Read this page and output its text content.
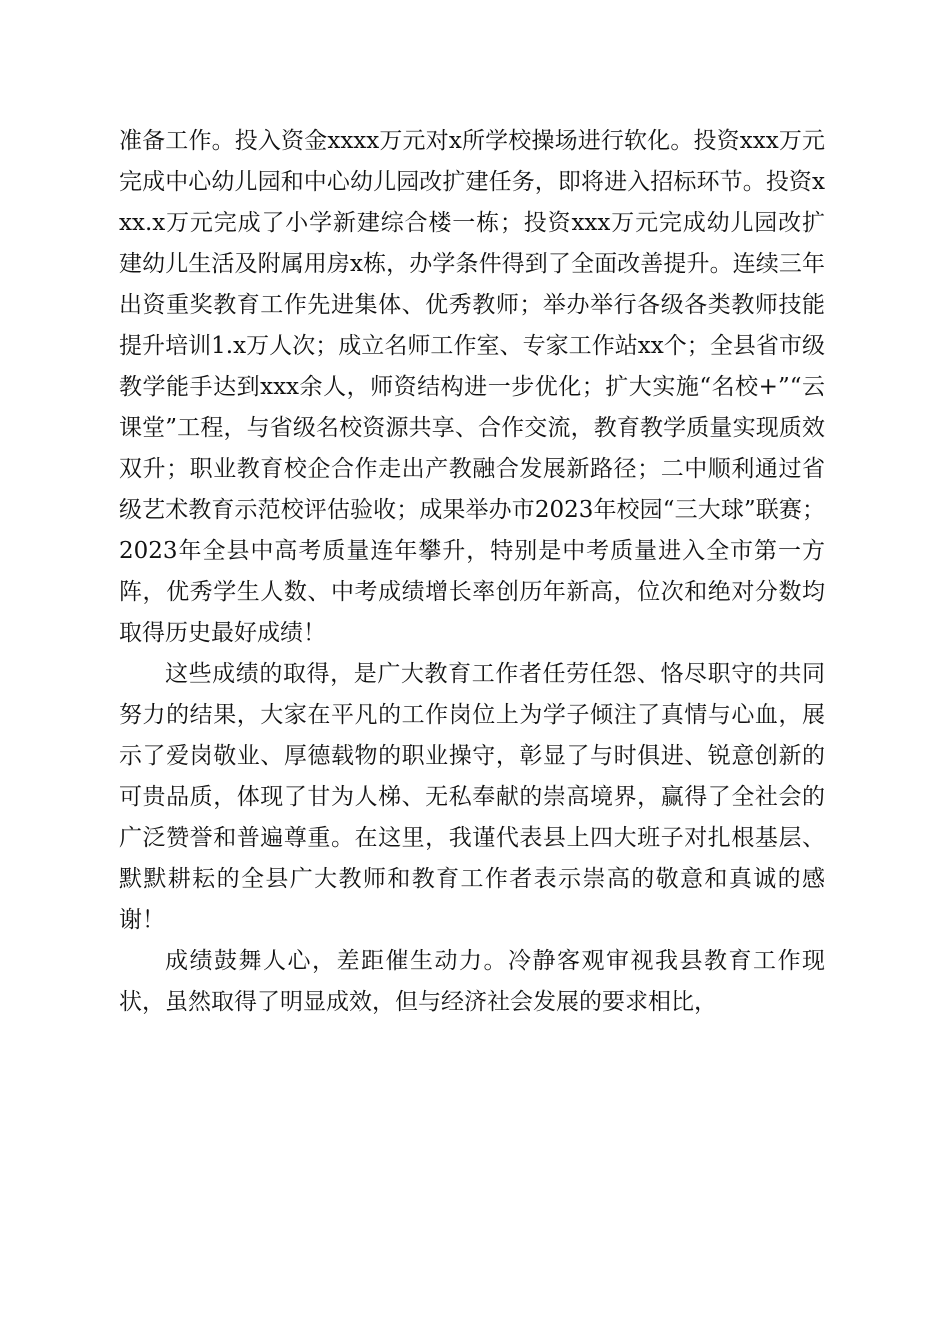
准备工作。投入资金xxxx万元对x所学校操场进行软化。投资xxx万元完成中心幼儿园和中心幼儿园改扩建任务，即将进入招标环节。投资xxx.x万元完成了小学新建综合楼一栋；投资xxx万元完成幼儿园改扩建幼儿生活及附属用房x栋，办学条件得到了全面改善提升。连续三年出资重奖教育工作先进集体、优秀教师；举办举行各级各类教师技能提升培训1.x万人次；成立名师工作室、专家工作站xx个；全县省市级教学能手达到xxx余人，师资结构进一步优化；扩大实施“名校+”“云课堂”工程，与省级名校资源共享、合作交流，教育教学质量实现质效双升；职业教育校企合作走出产教融合发展新路径；二中顺利通过省级艺术教育示范校评估验收；成果举办市2023年校园“三大球”联赛；2023年全县中高考质量连年攀升，特别是中考质量进入全市第一方阵，优秀学生人数、中考成绩增长率创历年新高，位次和绝对分数均取得历史最好成绩！

这些成绩的取得，是广大教育工作者任劳任怨、恪尽职守的共同努力的结果，大家在平凡的工作岗位上为学子倾注了真情与心血，展示了爱岗敬业、厚德载物的职业操守，彰显了与时俱进、锐意创新的可贵品质，体现了甘为人梯、无私奉献的崇高境界，赢得了全社会的广泛赞誉和普遍尊重。在这里，我谨代表县上四大班子对扎根基层、默默耕耘的全县广大教师和教育工作者表示崇高的敬意和真诚的感谢！

成绩鼓舞人心，差距催生动力。冷静客观审视我县教育工作现状，虽然取得了明显成效，但与经济社会发展的要求相比，
